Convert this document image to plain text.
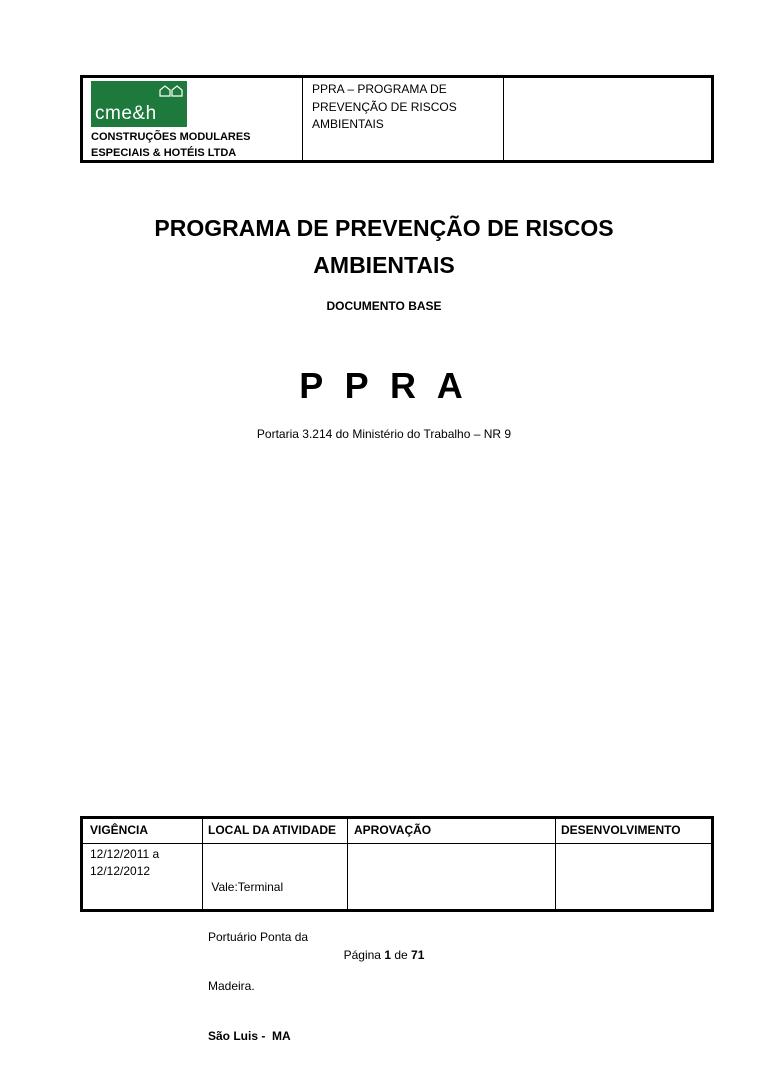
cme&h
CONSTRUÇÕES MODULARES
ESPECIAIS & HOTÉIS LTDA
PPRA – PROGRAMA DE
PREVENÇÃO DE RISCOS
AMBIENTAIS
PROGRAMA DE PREVENÇÃO DE RISCOS
AMBIENTAIS
DOCUMENTO BASE
P P R A
Portaria 3.214 do Ministério do Trabalho – NR 9
VIGÊNCIA	LOCAL DA ATIVIDADE APROVAÇÃO	DESENVOLVIMENTO
12/12/2011 a
12/12/2012

Vale:Terminal

Portuário Ponta da

Madeira.

São Luis -  MA

Página 1 de 71
